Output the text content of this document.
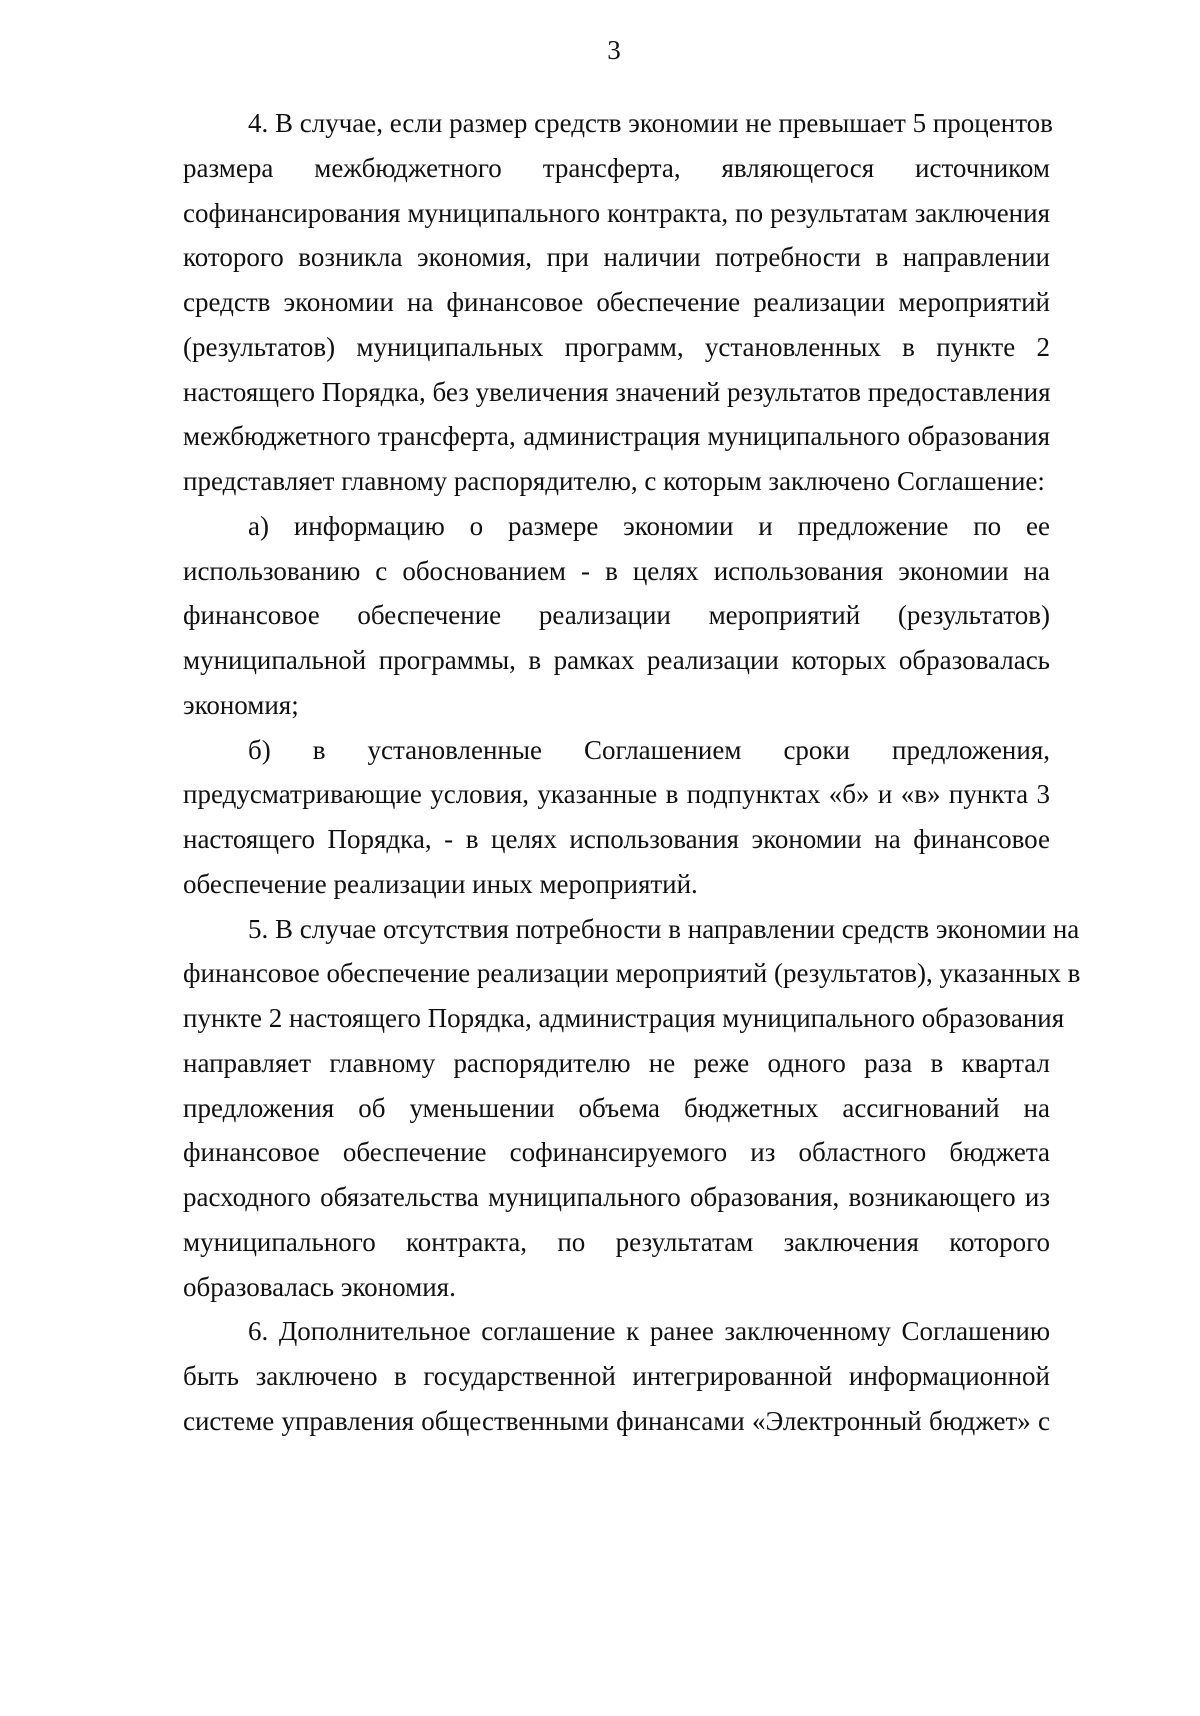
3
4. В случае, если размер средств экономии не превышает 5 процентов
размера межбюджетного трансферта, являющегося источником
софинансирования муниципального контракта, по результатам заключения
которого возникла экономия, при наличии потребности в направлении
средств экономии на финансовое обеспечение реализации мероприятий
(результатов) муниципальных программ, установленных в пункте 2
настоящего Порядка, без увеличения значений результатов предоставления
межбюджетного трансферта, администрация муниципального образования
представляет главному распорядителю, с которым заключено Соглашение:
а) информацию о размере экономии и предложение по ее
использованию с обоснованием - в целях использования экономии на
финансовое обеспечение реализации мероприятий (результатов)
муниципальной программы, в рамках реализации которых образовалась
экономия;
б) в установленные Соглашением сроки предложения,
предусматривающие условия, указанные в подпунктах «б» и «в» пункта 3
настоящего Порядка, - в целях использования экономии на финансовое
обеспечение реализации иных мероприятий.
5. В случае отсутствия потребности в направлении средств экономии на
финансовое обеспечение реализации мероприятий (результатов), указанных в
пункте 2 настоящего Порядка, администрация муниципального образования
направляет главному распорядителю не реже одного раза в квартал
предложения об уменьшении объема бюджетных ассигнований на
финансовое обеспечение софинансируемого из областного бюджета
расходного обязательства муниципального образования, возникающего из
муниципального контракта, по результатам заключения которого
образовалась экономия.
6. Дополнительное соглашение к ранее заключенному Соглашению
быть заключено в государственной интегрированной информационной
системе управления общественными финансами «Электронный бюджет» с
